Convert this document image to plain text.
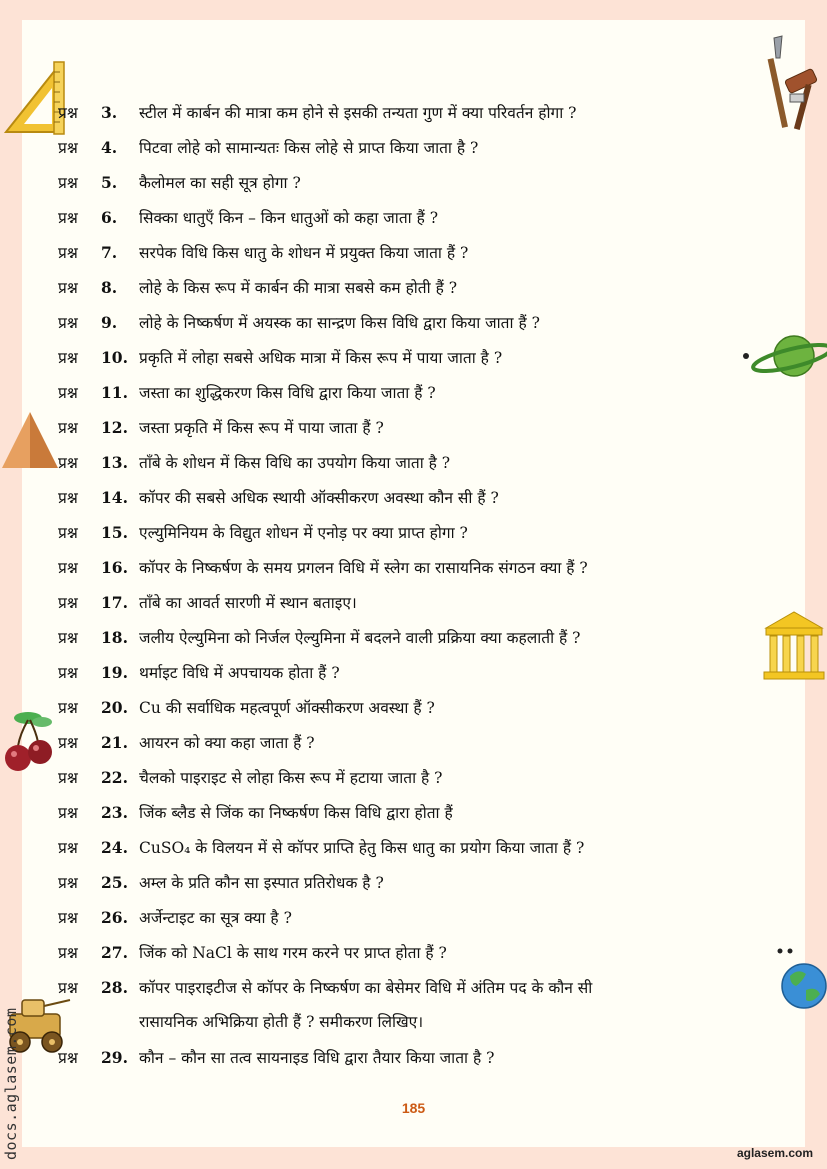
docs.aglasem.com
प्रश्न 3. स्टील में कार्बन की मात्रा कम होने से इसकी तन्यता गुण में क्या परिवर्तन होगा ?
प्रश्न 4. पिटवा लोहे को सामान्यतः किस लोहे से प्राप्त किया जाता है ?
प्रश्न 5. कैलोमल का सही सूत्र होगा ?
प्रश्न 6. सिक्का धातुएँ किन – किन धातुओं को कहा जाता हैं ?
प्रश्न 7. सरपेक विधि किस धातु के शोधन में प्रयुक्त किया जाता हैं ?
प्रश्न 8. लोहे के किस रूप में कार्बन की मात्रा सबसे कम होती हैं ?
प्रश्न 9. लोहे के निष्कर्षण में अयस्क का सान्द्रण किस विधि द्वारा किया जाता हैं ?
प्रश्न 10. प्रकृति में लोहा सबसे अधिक मात्रा में किस रूप में पाया जाता है ?
प्रश्न 11. जस्ता का शुद्धिकरण किस विधि द्वारा किया जाता हैं ?
प्रश्न 12. जस्ता प्रकृति में किस रूप में पाया जाता हैं ?
प्रश्न 13. ताँबे के शोधन में किस विधि का उपयोग किया जाता है ?
प्रश्न 14. कॉपर की सबसे अधिक स्थायी ऑक्सीकरण अवस्था कौन सी हैं ?
प्रश्न 15. एल्युमिनियम के विद्युत शोधन में एनोड़ पर क्या प्राप्त होगा ?
प्रश्न 16. कॉपर के निष्कर्षण के समय प्रगलन विधि में स्लेग का रासायनिक संगठन क्या हैं ?
प्रश्न 17. ताँबे का आवर्त सारणी में स्थान बताइए।
प्रश्न 18. जलीय ऐल्युमिना को निर्जल ऐल्युमिना में बदलने वाली प्रक्रिया क्या कहलाती हैं ?
प्रश्न 19. थर्माइट विधि में अपचायक होता हैं ?
प्रश्न 20. Cu की सर्वाधिक महत्वपूर्ण ऑक्सीकरण अवस्था हैं ?
प्रश्न 21. आयरन को क्या कहा जाता हैं ?
प्रश्न 22. चैलको पाइराइट से लोहा किस रूप में हटाया जाता है ?
प्रश्न 23. जिंक ब्लैड से जिंक का निष्कर्षण किस विधि द्वारा होता हैं
प्रश्न 24. CuSO₄ के विलयन में से कॉपर प्राप्ति हेतु किस धातु का प्रयोग किया जाता हैं ?
प्रश्न 25. अम्ल के प्रति कौन सा इस्पात प्रतिरोधक है ?
प्रश्न 26. अर्जेन्टाइट का सूत्र क्या है ?
प्रश्न 27. जिंक को NaCl के साथ गरम करने पर प्राप्त होता हैं ?
प्रश्न 28. कॉपर पाइराइटीज से कॉपर के निष्कर्षण का बेसेमर विधि में अंतिम पद के कौन सी
प्रश्न 29. कौन – कौन सा तत्व सायनाइड विधि द्वारा तैयार किया जाता है ?
रासायनिक अभिक्रिया होती हैं ? समीकरण लिखिए।
185
aglasem.com
